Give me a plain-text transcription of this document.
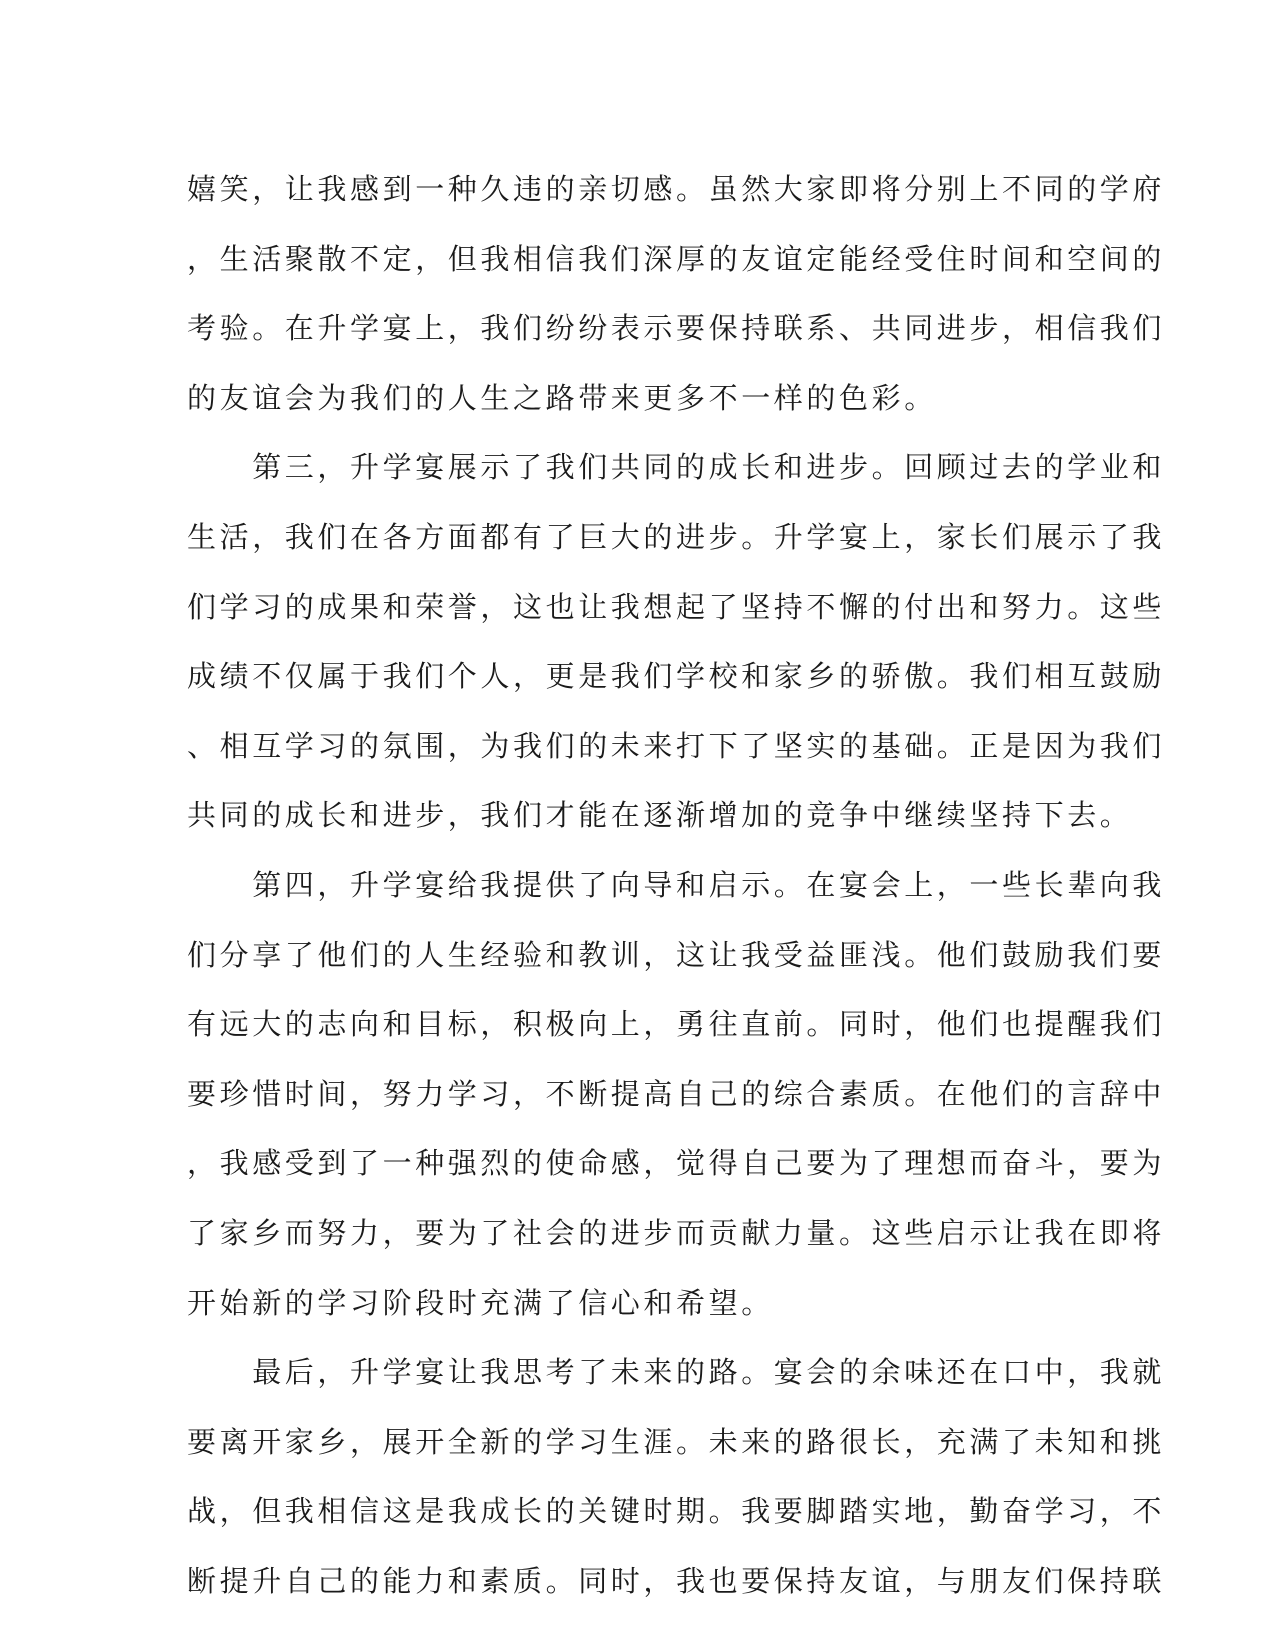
嬉笑，让我感到一种久违的亲切感。虽然大家即将分别上不同的学府
，生活聚散不定，但我相信我们深厚的友谊定能经受住时间和空间的
考验。在升学宴上，我们纷纷表示要保持联系、共同进步，相信我们
的友谊会为我们的人生之路带来更多不一样的色彩。
　　第三，升学宴展示了我们共同的成长和进步。回顾过去的学业和
生活，我们在各方面都有了巨大的进步。升学宴上，家长们展示了我
们学习的成果和荣誉，这也让我想起了坚持不懈的付出和努力。这些
成绩不仅属于我们个人，更是我们学校和家乡的骄傲。我们相互鼓励
、相互学习的氛围，为我们的未来打下了坚实的基础。正是因为我们
共同的成长和进步，我们才能在逐渐增加的竞争中继续坚持下去。
　　第四，升学宴给我提供了向导和启示。在宴会上，一些长辈向我
们分享了他们的人生经验和教训，这让我受益匪浅。他们鼓励我们要
有远大的志向和目标，积极向上，勇往直前。同时，他们也提醒我们
要珍惜时间，努力学习，不断提高自己的综合素质。在他们的言辞中
，我感受到了一种强烈的使命感，觉得自己要为了理想而奋斗，要为
了家乡而努力，要为了社会的进步而贡献力量。这些启示让我在即将
开始新的学习阶段时充满了信心和希望。
　　最后，升学宴让我思考了未来的路。宴会的余味还在口中，我就
要离开家乡，展开全新的学习生涯。未来的路很长，充满了未知和挑
战，但我相信这是我成长的关键时期。我要脚踏实地，勤奋学习，不
断提升自己的能力和素质。同时，我也要保持友谊，与朋友们保持联
